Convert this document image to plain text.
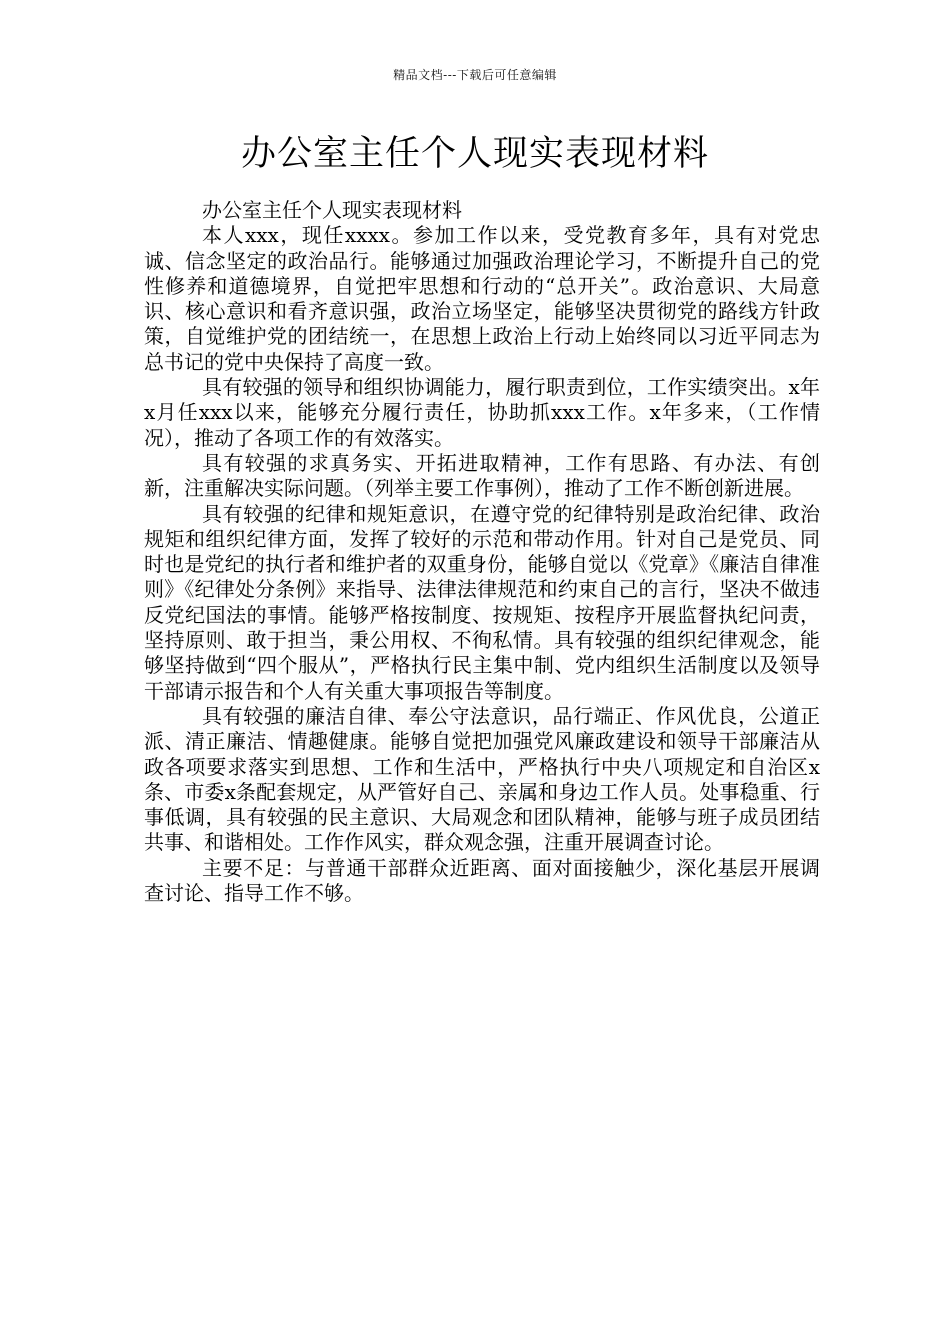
精品文档---下载后可任意编辑
办公室主任个人现实表现材料

办公室主任个人现实表现材料

本人xxx，现任xxxx。参加工作以来，受党教育多年，具有对党忠诚、信念坚定的政治品行。能够通过加强政治理论学习，不断提升自己的党性修养和道德境界，自觉把牢思想和行动的“总开关”。政治意识、大局意识、核心意识和看齐意识强，政治立场坚定，能够坚决贯彻党的路线方针政策，自觉维护党的团结统一，在思想上政治上行动上始终同以习近平同志为总书记的党中央保持了高度一致。

具有较强的领导和组织协调能力，履行职责到位，工作实绩突出。x年x月任xxx以来，能够充分履行责任，协助抓xxx工作。x年多来，（工作情况），推动了各项工作的有效落实。

具有较强的求真务实、开拓进取精神，工作有思路、有办法、有创新，注重解决实际问题。（列举主要工作事例），推动了工作不断创新进展。

具有较强的纪律和规矩意识，在遵守党的纪律特别是政治纪律、政治规矩和组织纪律方面，发挥了较好的示范和带动作用。针对自己是党员、同时也是党纪的执行者和维护者的双重身份，能够自觉以《党章》《廉洁自律准则》《纪律处分条例》来指导、法律法律规范和约束自己的言行，坚决不做违反党纪国法的事情。能够严格按制度、按规矩、按程序开展监督执纪问责，坚持原则、敢于担当，秉公用权、不徇私情。具有较强的组织纪律观念，能够坚持做到“四个服从”，严格执行民主集中制、党内组织生活制度以及领导干部请示报告和个人有关重大事项报告等制度。

具有较强的廉洁自律、奉公守法意识，品行端正、作风优良，公道正派、清正廉洁、情趣健康。能够自觉把加强党风廉政建设和领导干部廉洁从政各项要求落实到思想、工作和生活中，严格执行中央八项规定和自治区x条、市委x条配套规定，从严管好自己、亲属和身边工作人员。处事稳重、行事低调，具有较强的民主意识、大局观念和团队精神，能够与班子成员团结共事、和谐相处。工作作风实，群众观念强，注重开展调查讨论。

主要不足：与普通干部群众近距离、面对面接触少，深化基层开展调查讨论、指导工作不够。
